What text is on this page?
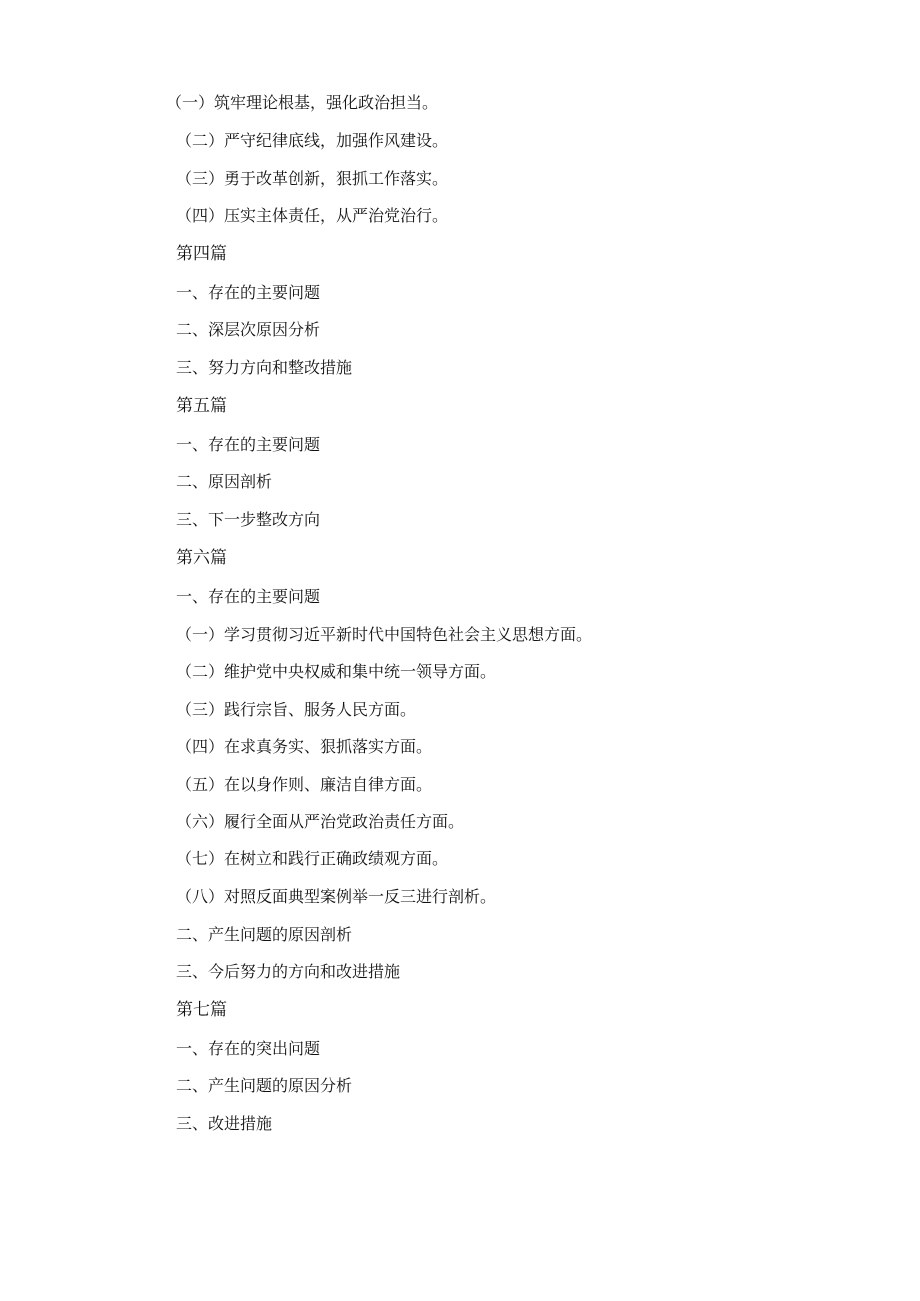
（一）筑牢理论根基，强化政治担当。
（二）严守纪律底线，加强作风建设。
（三）勇于改革创新，狠抓工作落实。
（四）压实主体责任，从严治党治行。
第四篇
一、存在的主要问题
二、深层次原因分析
三、努力方向和整改措施
第五篇
一、存在的主要问题
二、原因剖析
三、下一步整改方向
第六篇
一、存在的主要问题
（一）学习贯彻习近平新时代中国特色社会主义思想方面。
（二）维护党中央权威和集中统一领导方面。
（三）践行宗旨、服务人民方面。
（四）在求真务实、狠抓落实方面。
（五）在以身作则、廉洁自律方面。
（六）履行全面从严治党政治责任方面。
（七）在树立和践行正确政绩观方面。
（八）对照反面典型案例举一反三进行剖析。
二、产生问题的原因剖析
三、今后努力的方向和改进措施
第七篇
一、存在的突出问题
二、产生问题的原因分析
三、改进措施
